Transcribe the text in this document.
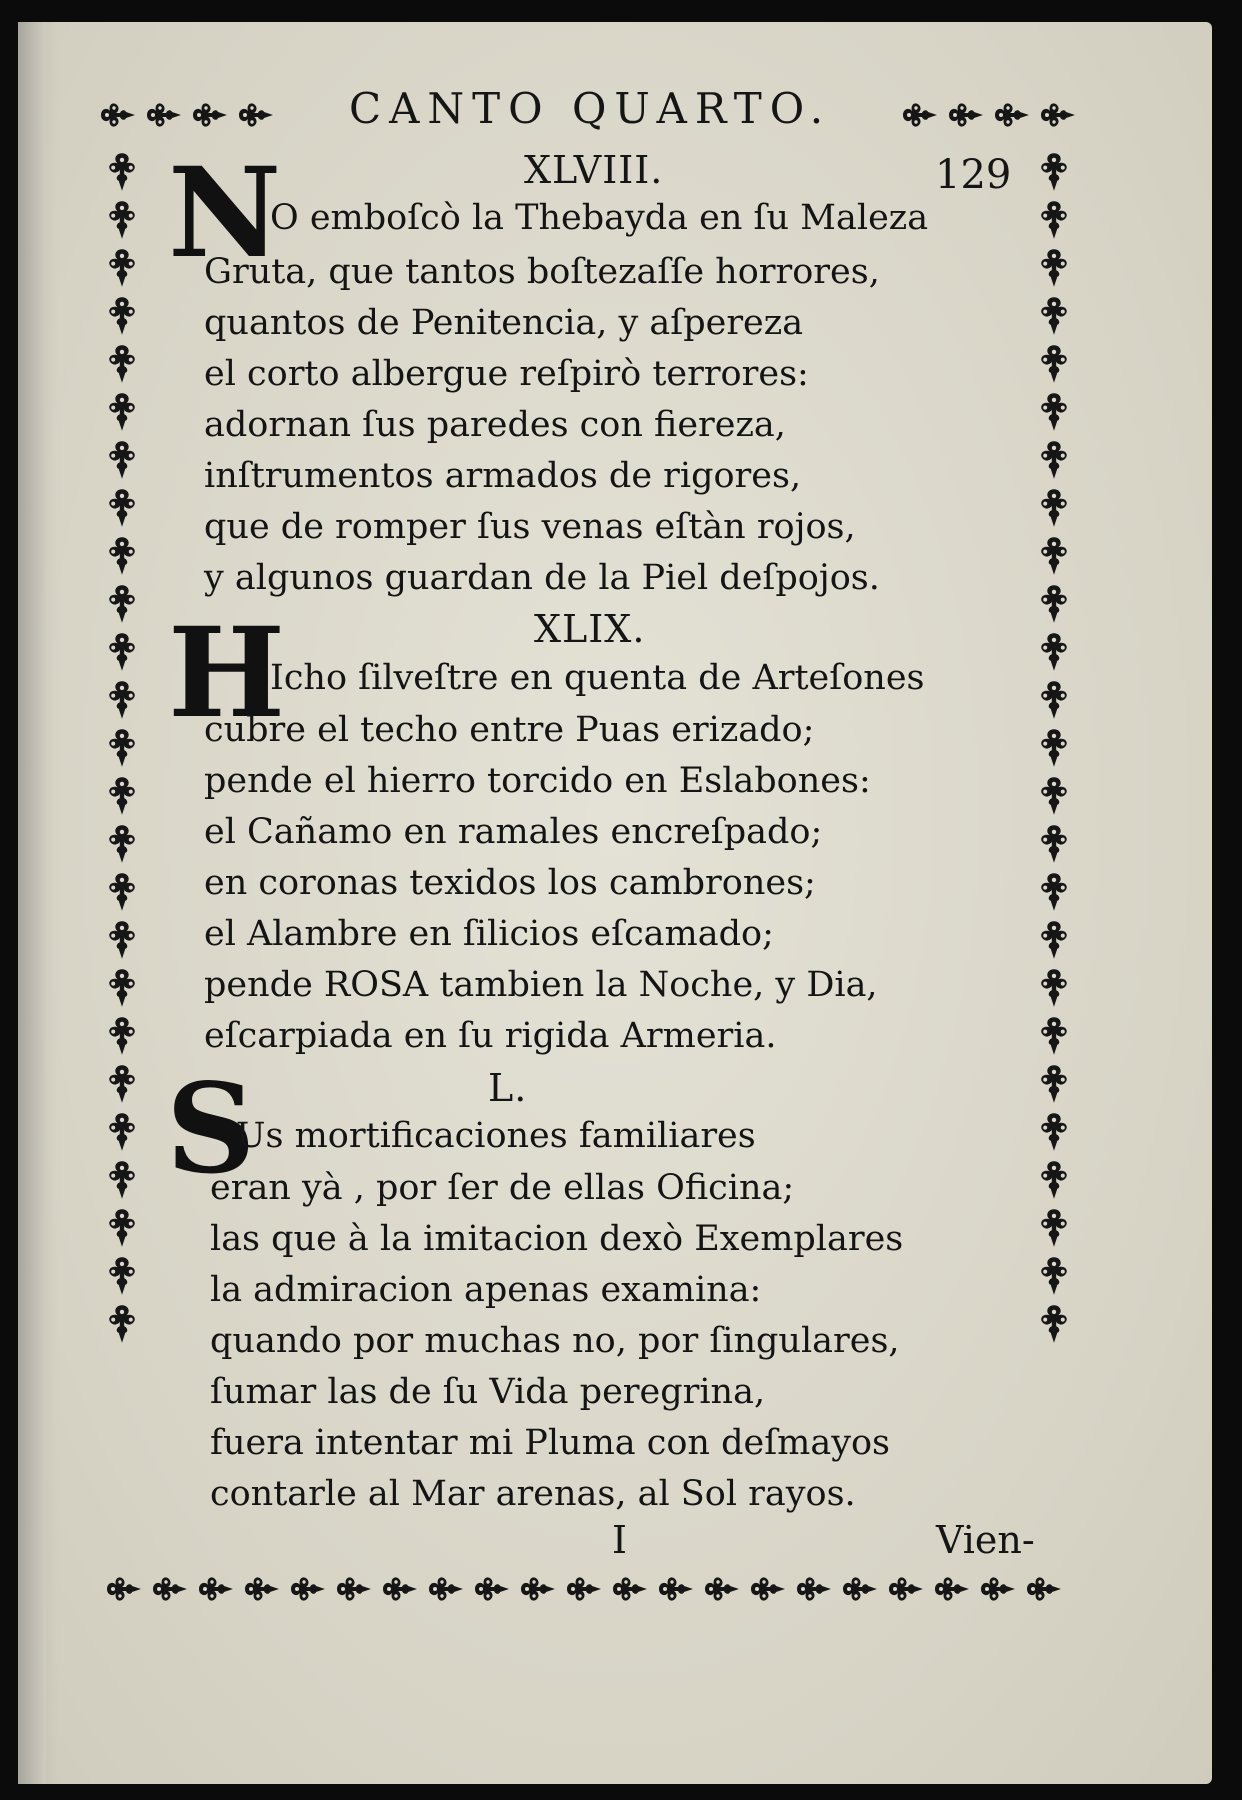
CANTO QUARTO.
129
XLVIII.
N
O emboſcò la Thebayda en ſu Maleza
Gruta, que tantos boſtezaſſe horrores,
quantos de Penitencia, y aſpereza
el corto albergue reſpirò terrores:
adornan ſus paredes con fiereza,
inſtrumentos armados de rigores,
que de romper ſus venas eſtàn rojos,
y algunos guardan de la Piel deſpojos.
XLIX.
H
Icho ſilveſtre en quenta de Arteſones
cubre el techo entre Puas erizado;
pende el hierro torcido en Eslabones:
el Cañamo en ramales encreſpado;
en coronas texidos los cambrones;
el Alambre en ſilicios eſcamado;
pende ROSA tambien la Noche, y Dia,
eſcarpiada en ſu rigida Armeria.
L.
S
Us mortificaciones familiares
eran yà , por ſer de ellas Oficina;
las que à la imitacion dexò Exemplares
la admiracion apenas examina:
quando por muchas no, por ſingulares,
ſumar las de ſu Vida peregrina,
fuera intentar mi Pluma con deſmayos
contarle al Mar arenas, al Sol rayos.
I	Vien-
